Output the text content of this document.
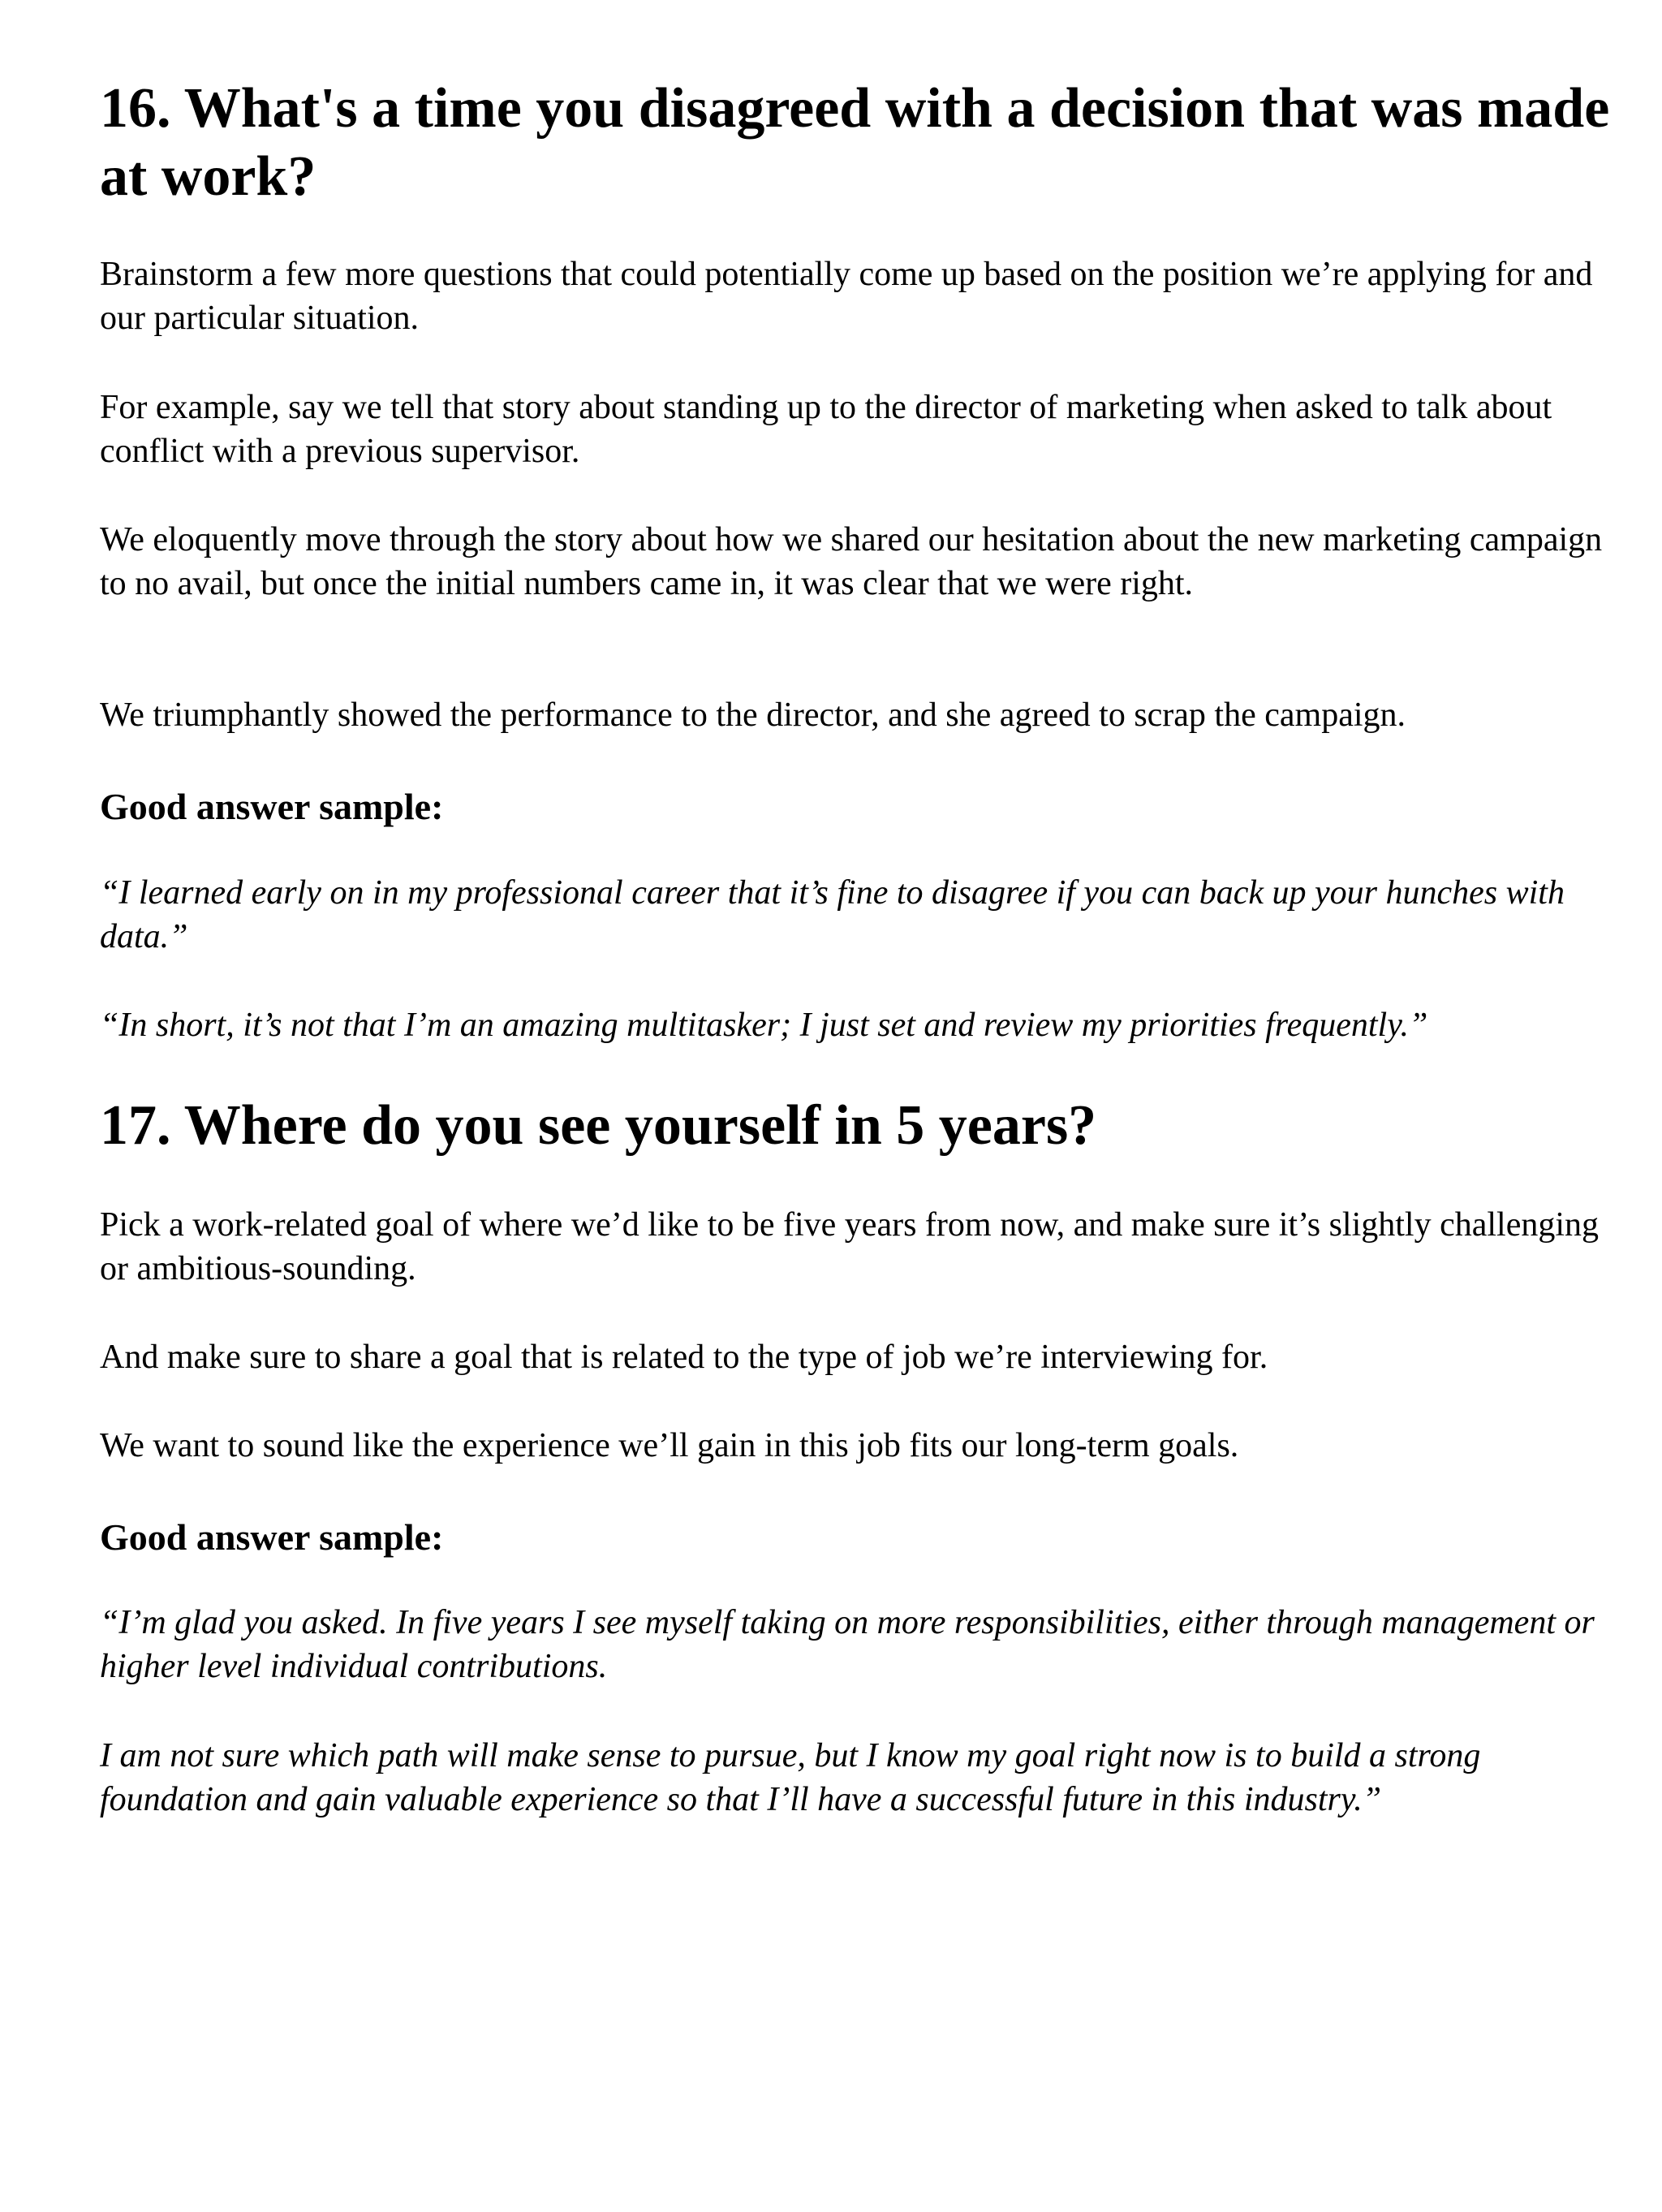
16. What's a time you disagreed with a decision that was made at work?

Brainstorm a few more questions that could potentially come up based on the position we’re applying for and our particular situation.

For example, say we tell that story about standing up to the director of marketing when asked to talk about conflict with a previous supervisor.

We eloquently move through the story about how we shared our hesitation about the new marketing campaign to no avail, but once the initial numbers came in, it was clear that we were right.

We triumphantly showed the performance to the director, and she agreed to scrap the campaign.

Good answer sample:

“I learned early on in my professional career that it’s fine to disagree if you can back up your hunches with data.”

“In short, it’s not that I’m an amazing multitasker; I just set and review my priorities frequently.”

17. Where do you see yourself in 5 years?

Pick a work-related goal of where we’d like to be five years from now, and make sure it’s slightly challenging or ambitious-sounding.

And make sure to share a goal that is related to the type of job we’re interviewing for.

We want to sound like the experience we’ll gain in this job fits our long-term goals.

Good answer sample:

“I’m glad you asked. In five years I see myself taking on more responsibilities, either through management or higher level individual contributions.

I am not sure which path will make sense to pursue, but I know my goal right now is to build a strong foundation and gain valuable experience so that I’ll have a successful future in this industry.”
